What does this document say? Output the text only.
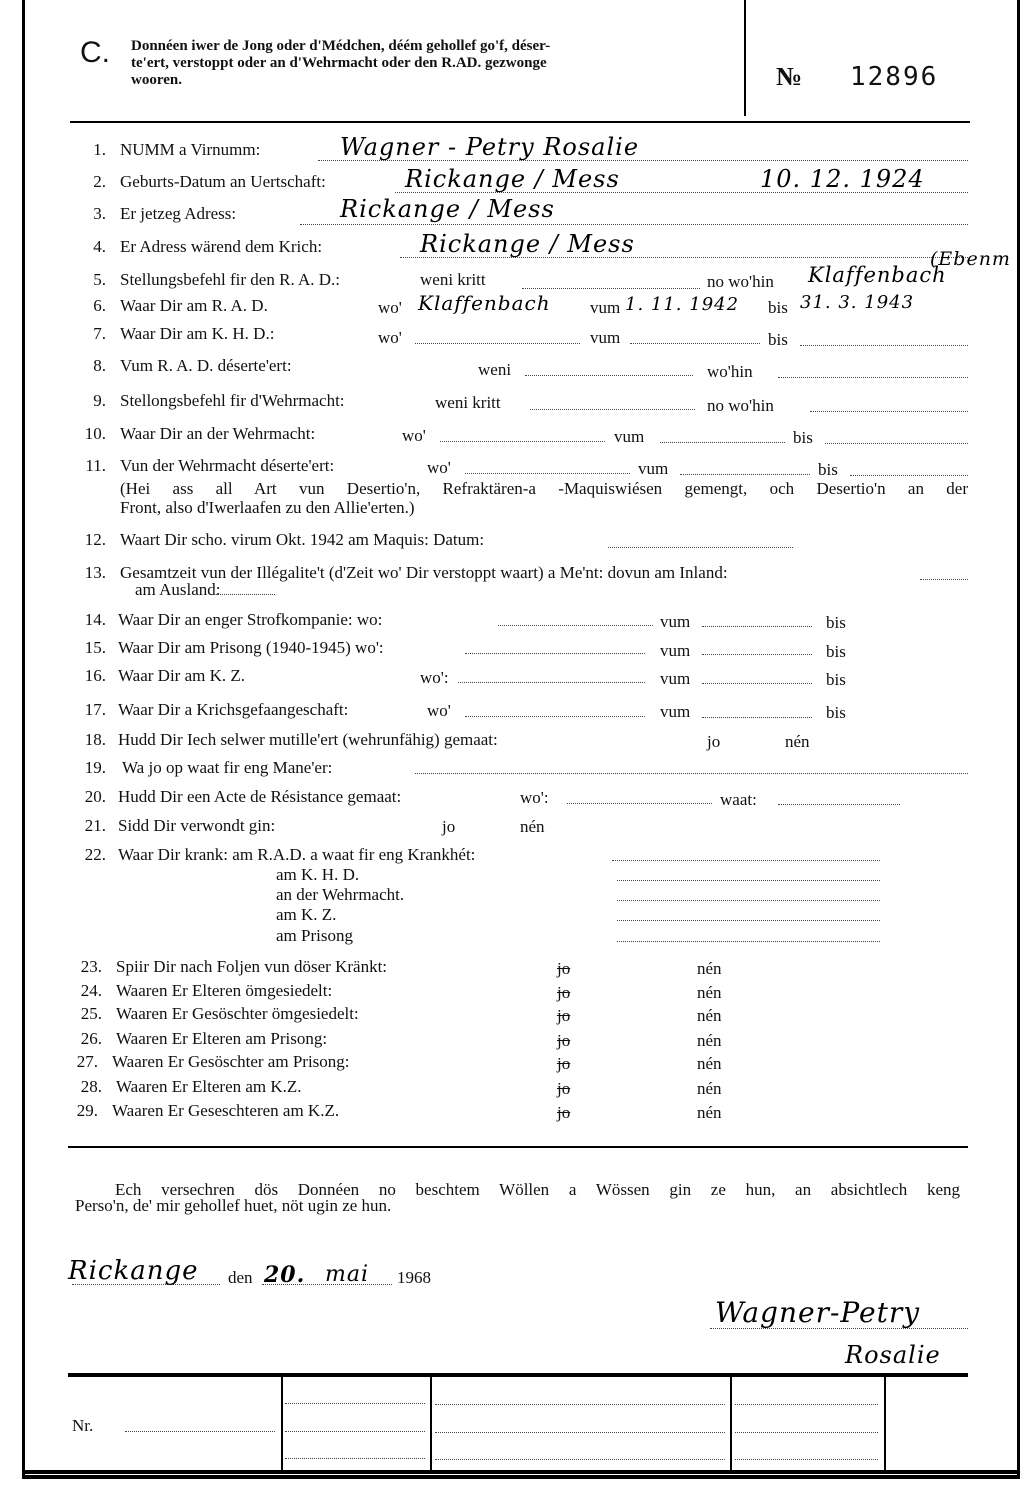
C. Donnéen iwer de Jong oder d'Médchen, déém gehollef go'f, déser-
te'ert, verstoppt oder an d'Wehrmacht oder den R.AD. gezwonge
wooren.	№ 12896
1. NUMM a Virnumm:	Wagner - Petry Rosalie
2. Geburts-Datum an Uertschaft:	Rickange / Mess	10. 12. 1924
3. Er jetzeg Adress:	Rickange / Mess
4. Er Adress wärend dem Krich:	Rickange / Mess
5. Stellungsbefehl fir den R. A. D.:	weni kritt	no wo'hin Klaffenbach
(Ebenm
6. Waar Dir am R. A. D.	wo' Klaffenbach vum 1. 11. 1942 bis 31. 3. 1943
7. Waar Dir am K. H. D.:	wo'	vum	bis
8. Vum R. A. D. déserte'ert:	weni	wo'hin
9. Stellongsbefehl fir d'Wehrmacht:	weni kritt	no wo'hin
10. Waar Dir an der Wehrmacht:	wo'	vum	bis
11. Vun der Wehrmacht déserte'ert:	wo'	vum	bis
(Hei ass all Art vun Desertio'n, Refraktären-a -Maquiswiésen gemengt, och Desertio'n an der
Front, also d'Iwerlaafen zu den Allie'erten.)
12. Waart Dir scho. virum Okt. 1942 am Maquis: Datum:
13. Gesamtzeit vun der Illégalite't (d'Zeit wo' Dir verstoppt waart) a Me'nt: dovun am Inland:
am Ausland:
14. Waar Dir an enger Strofkompanie: wo:	vum	bis
15. Waar Dir am Prisong (1940-1945) wo':	vum	bis
16. Waar Dir am K. Z.	wo':	vum	bis
17. Waar Dir a Krichsgefaangeschaft:	wo'	vum	bis
18. Hudd Dir Iech selwer mutille'ert (wehrunfähig) gemaat:	jo	nén
19. Wa jo op waat fir eng Mane'er:
20. Hudd Dir een Acte de Résistance gemaat:	wo':	waat:
21. Sidd Dir verwondt gin:	jo	nén
22. Waar Dir krank: am R.A.D. a waat fir eng Krankhét:
am K. H. D.
an der Wehrmacht.
am K. Z.
am Prisong
23. Spiir Dir nach Foljen vun döser Kränkt:	jo	nén
24. Waaren Er Elteren ömgesiedelt:	jo	nén
25. Waaren Er Gesöschter ömgesiedelt:	jo	nén
26. Waaren Er Elteren am Prisong:	jo	nén
27. Waaren Er Gesöschter am Prisong:	jo	nén
28. Waaren Er Elteren am K.Z.	jo	nén
29. Waaren Er Geseschteren am K.Z.	jo	nén
Ech versechren dös Donnéen no beschtem Wöllen a Wössen gin ze hun, an absichtlech keng
Perso'n, de' mir gehollef huet, nöt ugin ze hun.
Rickange den 20. mai 1968
Wagner-Petry
Rosalie
Nr.
